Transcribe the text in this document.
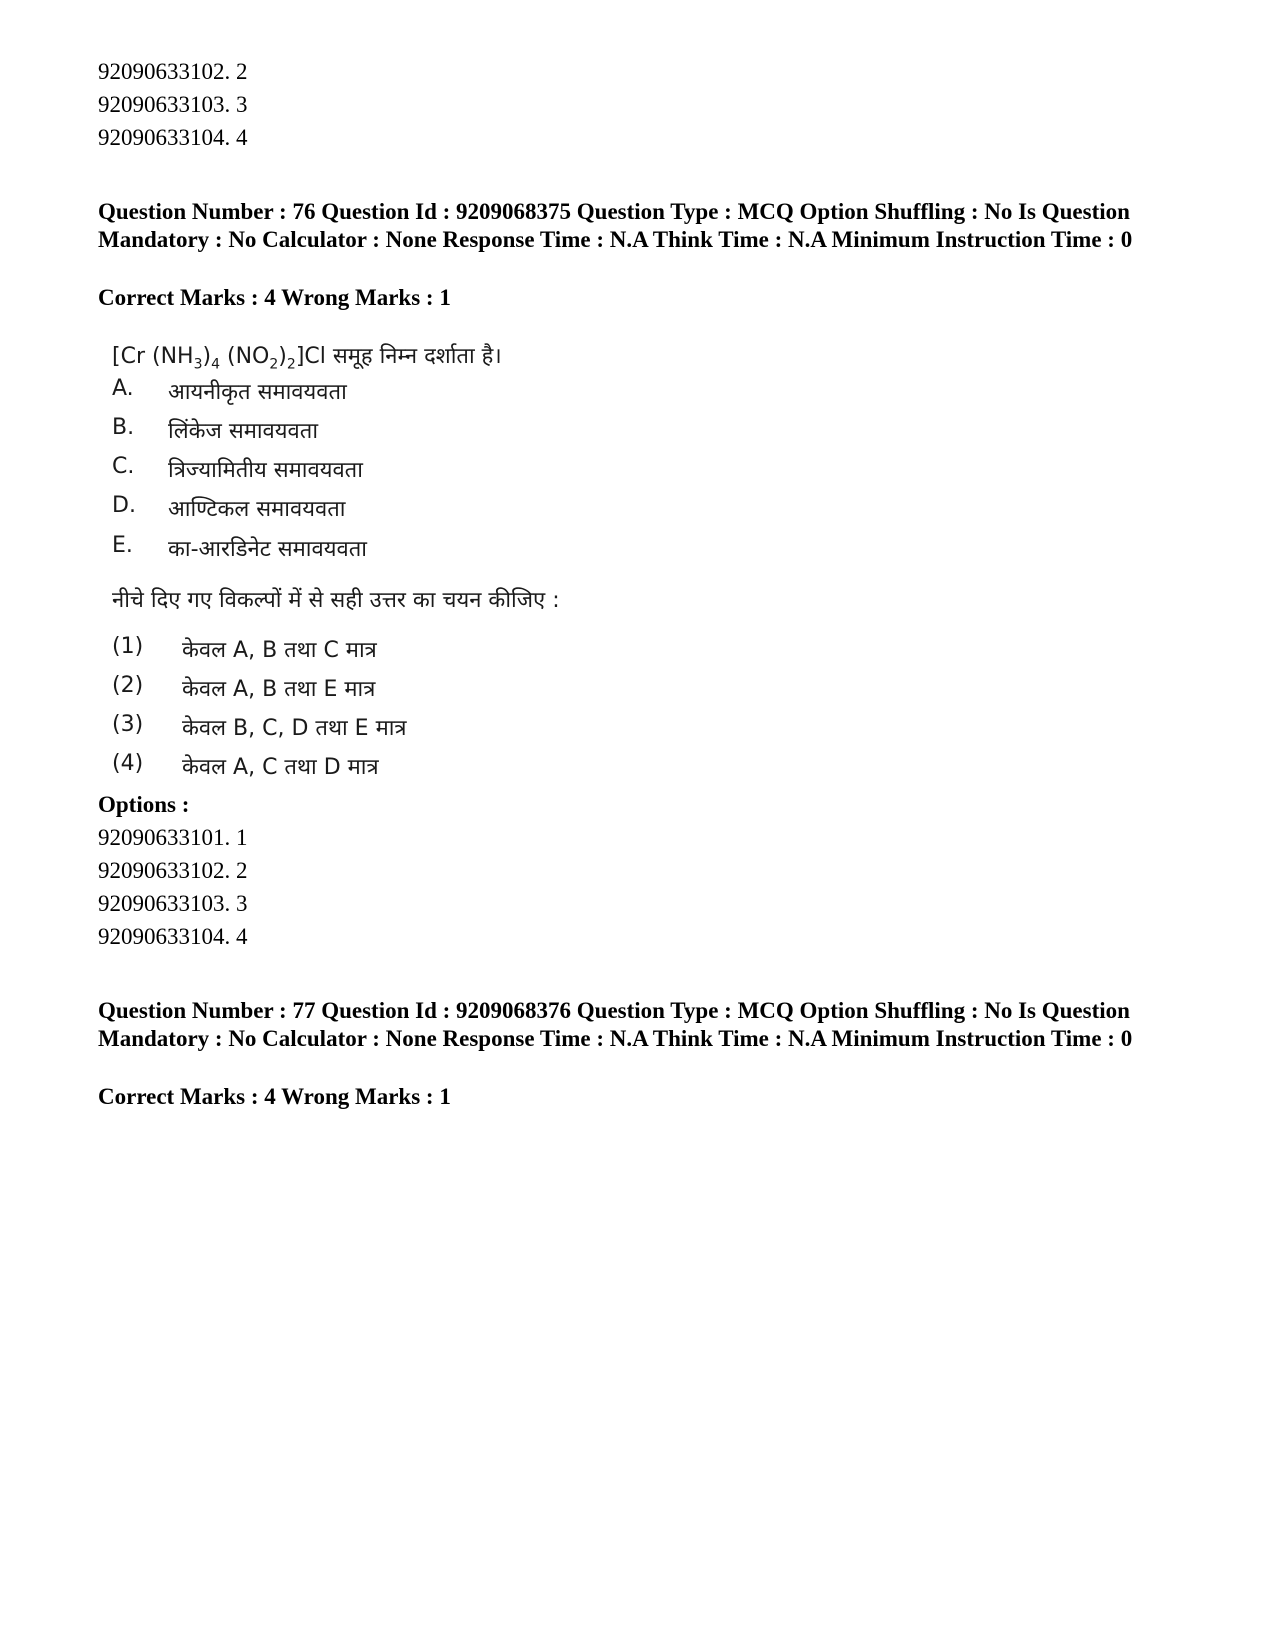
92090633102. 2
92090633103. 3
92090633104. 4
Question Number : 76 Question Id : 9209068375 Question Type : MCQ Option Shuffling : No Is Question Mandatory : No Calculator : None Response Time : N.A Think Time : N.A Minimum Instruction Time : 0
Correct Marks : 4 Wrong Marks : 1
[Cr $(NH_3)_4$ $(NO_2)_2]Cl$ समूह निम्न दर्शाता है।
A. आयनीकृत समावयवता
B. लिंकेज समावयवता
C. त्रिज्यामितीय समावयवता
D. आण्टिकल समावयवता
E. का-आरडिनेट समावयवता
नीचे दिए गए विकल्पों में से सही उत्तर का चयन कीजिए :
(1) केवल A, B तथा C मात्र
(2) केवल A, B तथा E मात्र
(3) केवल B, C, D तथा E मात्र
(4) केवल A, C तथा D मात्र
Options :
92090633101. 1
92090633102. 2
92090633103. 3
92090633104. 4
Question Number : 77 Question Id : 9209068376 Question Type : MCQ Option Shuffling : No Is Question Mandatory : No Calculator : None Response Time : N.A Think Time : N.A Minimum Instruction Time : 0
Correct Marks : 4 Wrong Marks : 1
